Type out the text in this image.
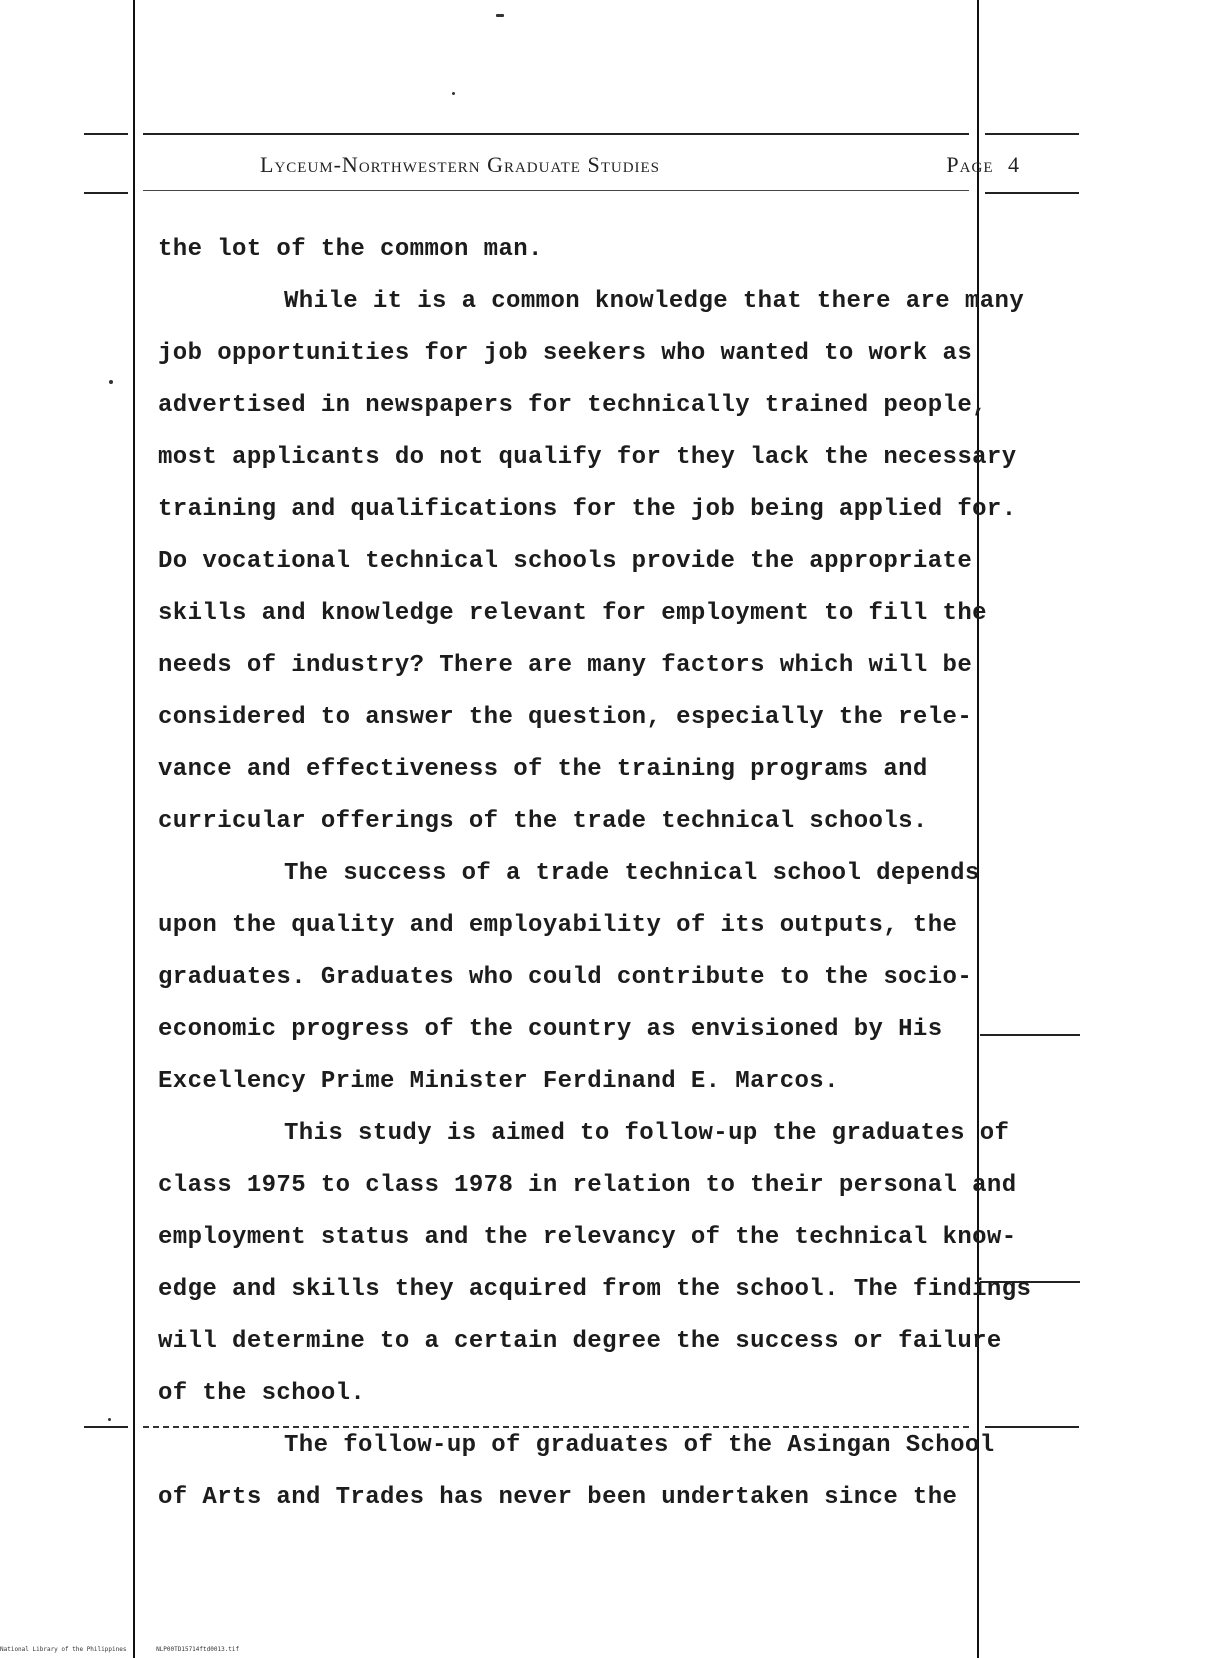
Lyceum-Northwestern Graduate Studies	Page 4
the lot of the common man.
While it is a common knowledge that there are many
job opportunities for job seekers who wanted to work as
advertised in newspapers for technically trained people,
most applicants do not qualify for they lack the necessary
training and qualifications for the job being applied for.
Do vocational technical schools provide the appropriate
skills and knowledge relevant for employment to fill the
needs of industry? There are many factors which will be
considered to answer the question, especially the rele-
vance and effectiveness of the training programs and
curricular offerings of the trade technical schools.
The success of a trade technical school depends
upon the quality and employability of its outputs, the
graduates. Graduates who could contribute to the socio-
economic progress of the country as envisioned by His
Excellency Prime Minister Ferdinand E. Marcos.
This study is aimed to follow-up the graduates of
class 1975 to class 1978 in relation to their personal and
employment status and the relevancy of the technical know-
edge and skills they acquired from the school. The findings
will determine to a certain degree the success or failure
of the school.
The follow-up of graduates of the Asingan School
of Arts and Trades has never been undertaken since the
National Library of the Philippines	NLP00TD15714ftd0013.tif
